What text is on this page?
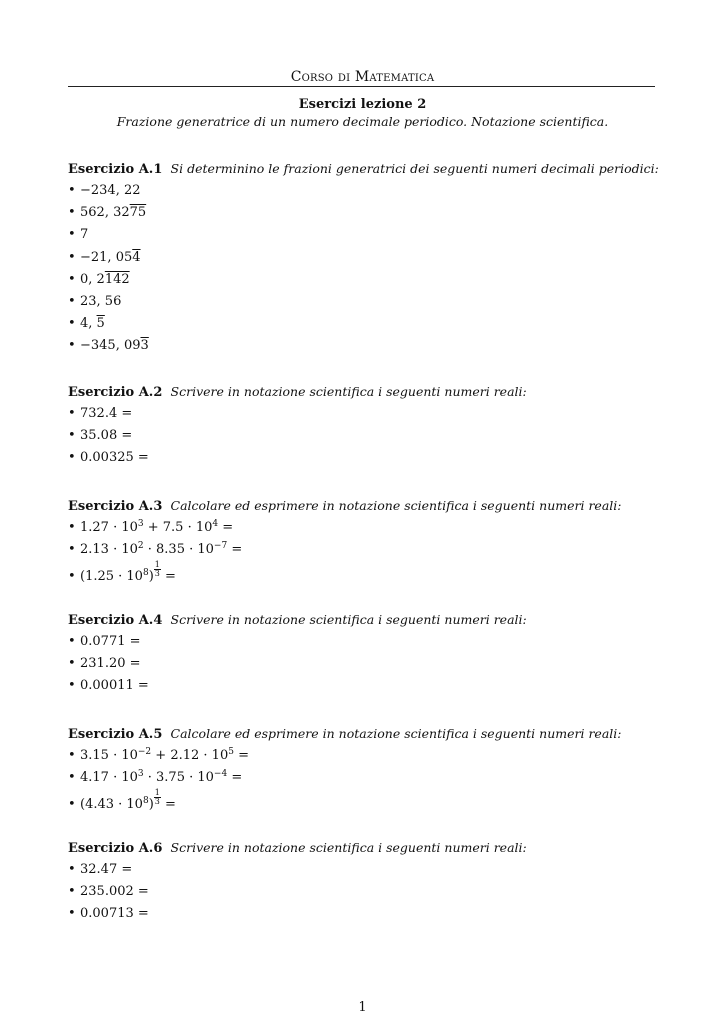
Corso di Matematica
Esercizi lezione 2
Frazione generatrice di un numero decimale periodico. Notazione scientifica.
Esercizio A.1 Si determinino le frazioni generatrici dei seguenti numeri decimali periodici:
• −234, 22
• 562, 3275
• 7
• −21, 054
• 0, 2142
• 23, 56
• 4, 5
• −345, 093
Esercizio A.2 Scrivere in notazione scientifica i seguenti numeri reali:
• 732.4 =
• 35.08 =
• 0.00325 =
Esercizio A.3 Calcolare ed esprimere in notazione scientifica i seguenti numeri reali:
• $1.27 \cdot 10^3 + 7.5 \cdot 10^4$ =
• $2.13 \cdot 10^2 \cdot 8.35 \cdot 10^{-7}$ =
• $(1.25 \cdot 10^8) \frac{1}{3}$ =
Esercizio A.4 Scrivere in notazione scientifica i seguenti numeri reali:
• 0.0771 =
• 231.20 =
• 0.00011 =
Esercizio A.5 Calcolare ed esprimere in notazione scientifica i seguenti numeri reali:
• $3.15 \cdot 10^{-2} + 2.12 \cdot 10^5$ =
• $4.17 \cdot 10^3 \cdot 3.75 \cdot 10^{-4}$ =
• $(4.43 \cdot 10^8) \frac{1}{3}$ =
Esercizio A.6 Scrivere in notazione scientifica i seguenti numeri reali:
• 32.47 =
• 235.002 =
• 0.00713 =
1
